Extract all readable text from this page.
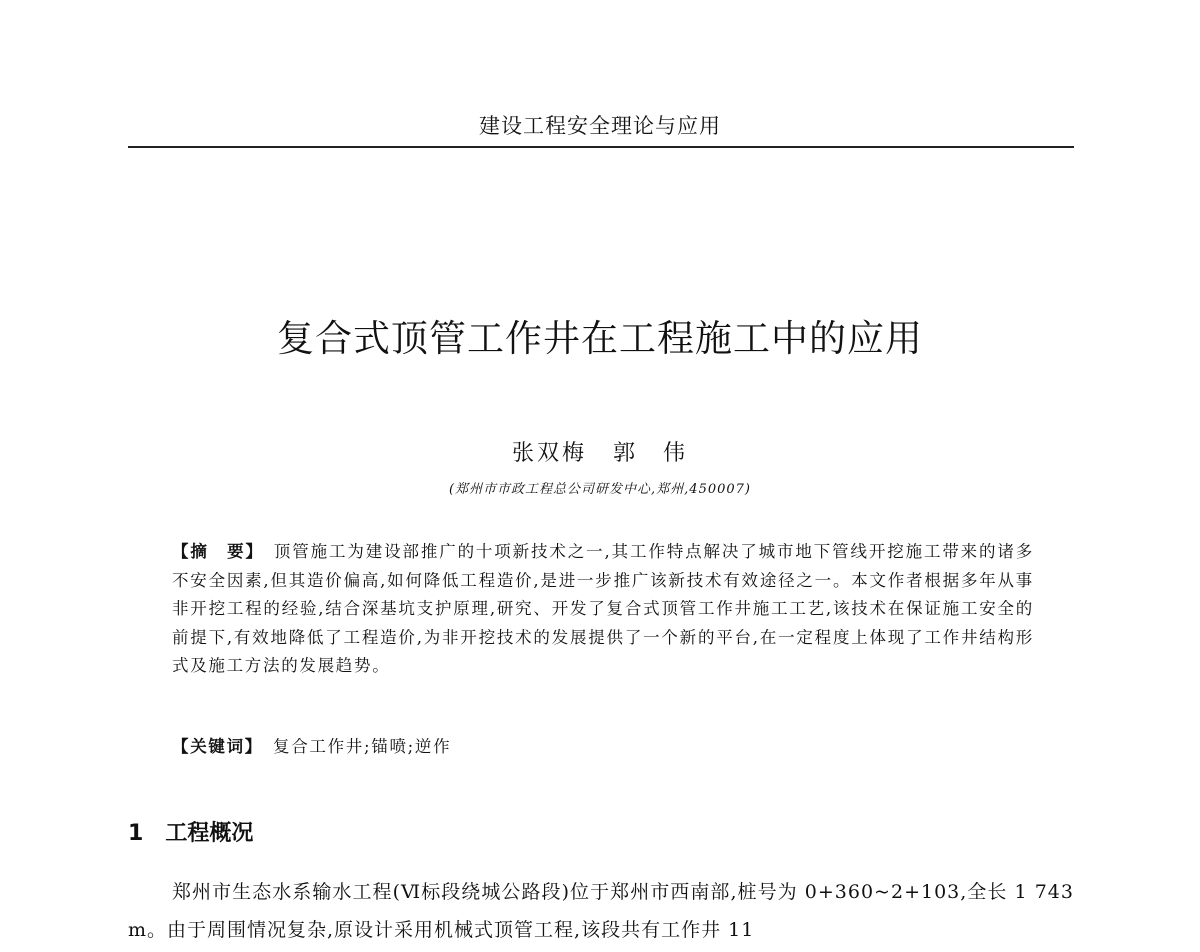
建设工程安全理论与应用
复合式顶管工作井在工程施工中的应用
张双梅 郭　伟
(郑州市市政工程总公司研发中心,郑州,450007)

【摘　要】 顶管施工为建设部推广的十项新技术之一,其工作特点解决了城市地下管线开挖施工带来的诸多不安全因素,但其造价偏高,如何降低工程造价,是进一步推广该新技术有效途径之一。本文作者根据多年从事非开挖工程的经验,结合深基坑支护原理,研究、开发了复合式顶管工作井施工工艺,该技术在保证施工安全的前提下,有效地降低了工程造价,为非开挖技术的发展提供了一个新的平台,在一定程度上体现了工作井结构形式及施工方法的发展趋势。

【关键词】 复合工作井;锚喷;逆作
1 工程概况

郑州市生态水系输水工程(Ⅵ标段绕城公路段)位于郑州市西南部,桩号为 0+360~2+103,全长 1 743 m。由于周围情况复杂,原设计采用机械式顶管工程,该段共有工作井 11
